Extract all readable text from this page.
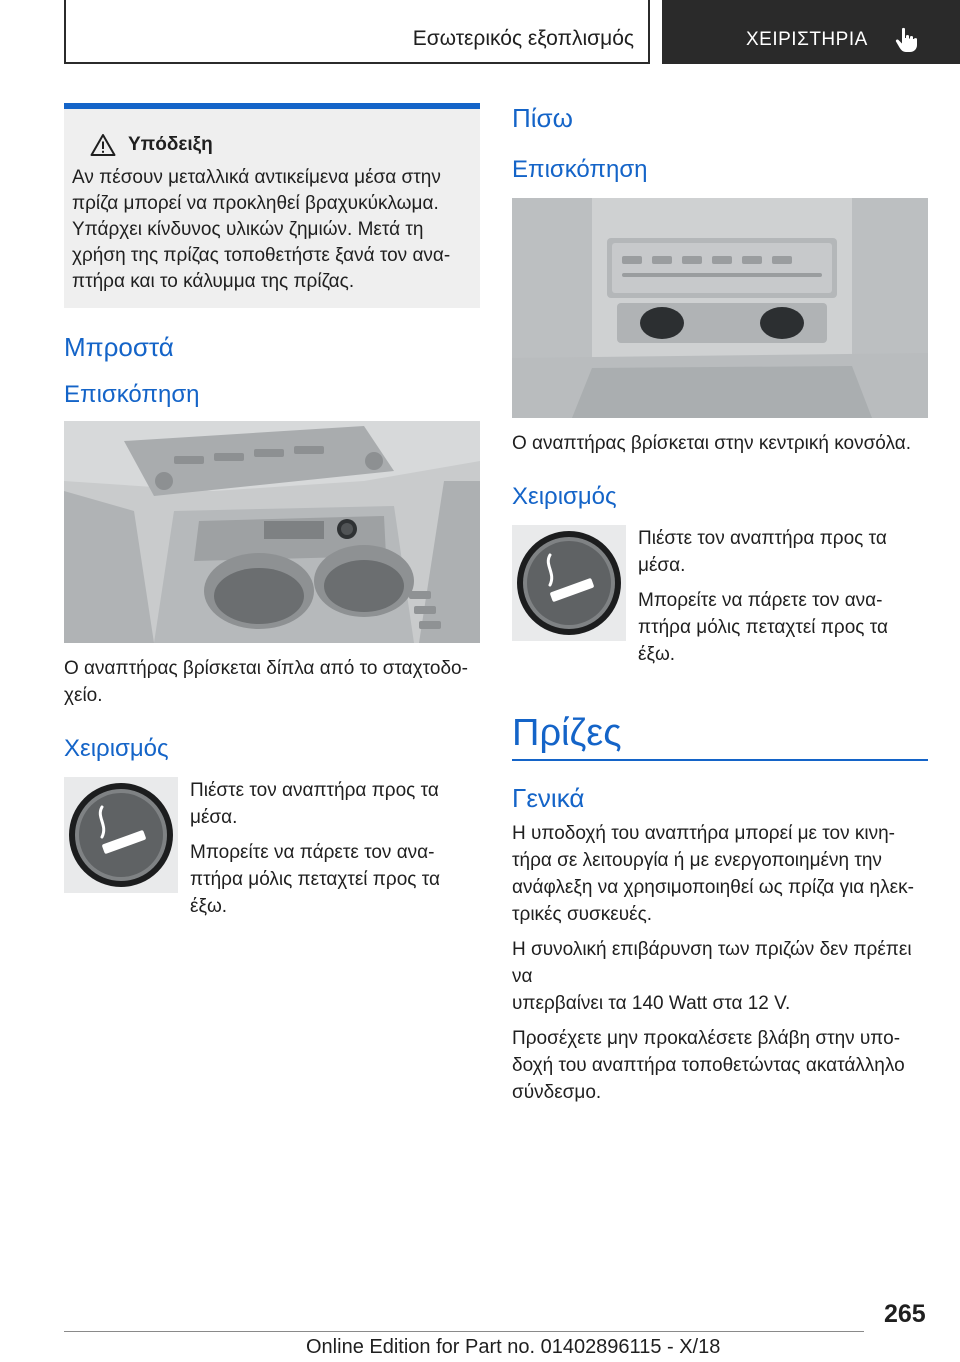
Εσωτερικός εξοπλισμός	ΧΕΙΡΙΣΤΗΡΙΑ
Υπόδειξη
Αν πέσουν μεταλλικά αντικείμενα μέσα στην
πρίζα μπορεί να προκληθεί βραχυκύκλωμα.
Υπάρχει κίνδυνος υλικών ζημιών. Μετά τη
χρήση της πρίζας τοποθετήστε ξανά τον ανα-
πτήρα και το κάλυμμα της πρίζας.
Μπροστά
Επισκόπηση
Ο αναπτήρας βρίσκεται δίπλα από το σταχτοδο-
χείο.
Χειρισμός
Πιέστε τον αναπτήρα προς τα
μέσα.
Μπορείτε να πάρετε τον ανα-
πτήρα μόλις πεταχτεί προς τα
έξω.
Πίσω
Επισκόπηση
Ο αναπτήρας βρίσκεται στην κεντρική κονσόλα.
Χειρισμός
Πιέστε τον αναπτήρα προς τα
μέσα.
Μπορείτε να πάρετε τον ανα-
πτήρα μόλις πεταχτεί προς τα
έξω.
Πρίζες
Γενικά
Η υποδοχή του αναπτήρα μπορεί με τον κινη-
τήρα σε λειτουργία ή με ενεργοποιημένη την
ανάφλεξη να χρησιμοποιηθεί ως πρίζα για ηλεκ-
τρικές συσκευές.
Η συνολική επιβάρυνση των πριζών δεν πρέπει να
υπερβαίνει τα 140 Watt στα 12 V.
Προσέχετε μην προκαλέσετε βλάβη στην υπο-
δοχή του αναπτήρα τοποθετώντας ακατάλληλο
σύνδεσμο.
265
Online Edition for Part no. 01402896115 - X/18
